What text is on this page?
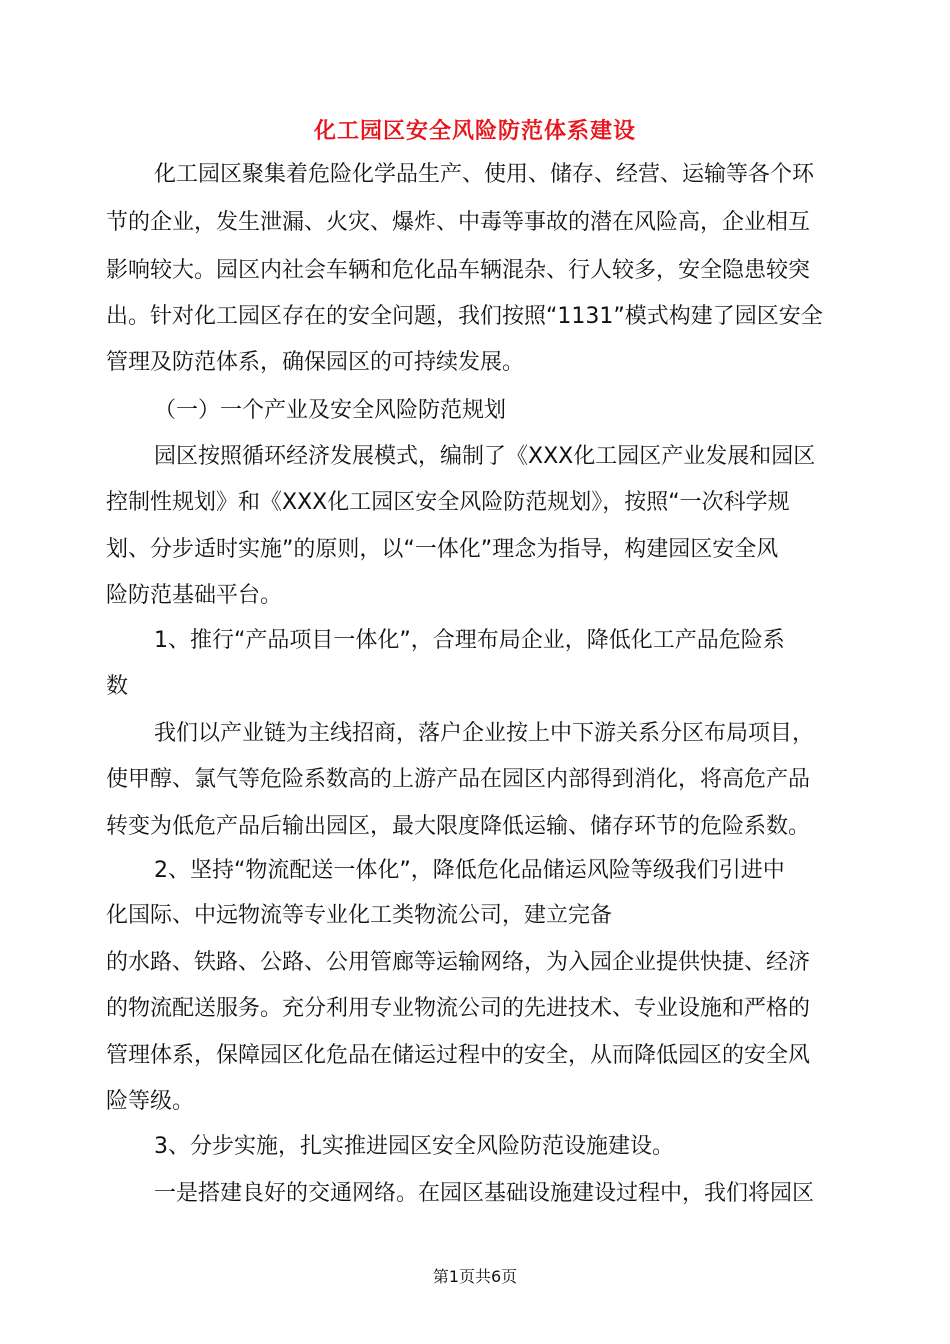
化工园区安全风险防范体系建设
化工园区聚集着危险化学品生产、使用、储存、经营、运输等各个环
节的企业，发生泄漏、火灾、爆炸、中毒等事故的潜在风险高，企业相互
影响较大。园区内社会车辆和危化品车辆混杂、行人较多，安全隐患较突
出。针对化工园区存在的安全问题，我们按照“1131”模式构建了园区安全
管理及防范体系，确保园区的可持续发展。
（一）一个产业及安全风险防范规划
园区按照循环经济发展模式，编制了《XXX化工园区产业发展和园区
控制性规划》和《XXX化工园区安全风险防范规划》，按照“一次科学规
划、分步适时实施”的原则，以“一体化”理念为指导，构建园区安全风
险防范基础平台。
1、推行“产品项目一体化”，合理布局企业，降低化工产品危险系
数
我们以产业链为主线招商，落户企业按上中下游关系分区布局项目，
使甲醇、氯气等危险系数高的上游产品在园区内部得到消化，将高危产品
转变为低危产品后输出园区，最大限度降低运输、储存环节的危险系数。
2、坚持“物流配送一体化”，降低危化品储运风险等级我们引进中
化国际、中远物流等专业化工类物流公司，建立完备
的水路、铁路、公路、公用管廊等运输网络，为入园企业提供快捷、经济
的物流配送服务。充分利用专业物流公司的先进技术、专业设施和严格的
管理体系，保障园区化危品在储运过程中的安全，从而降低园区的安全风
险等级。
3、分步实施，扎实推进园区安全风险防范设施建设。
一是搭建良好的交通网络。在园区基础设施建设过程中，我们将园区
第1页共6页
